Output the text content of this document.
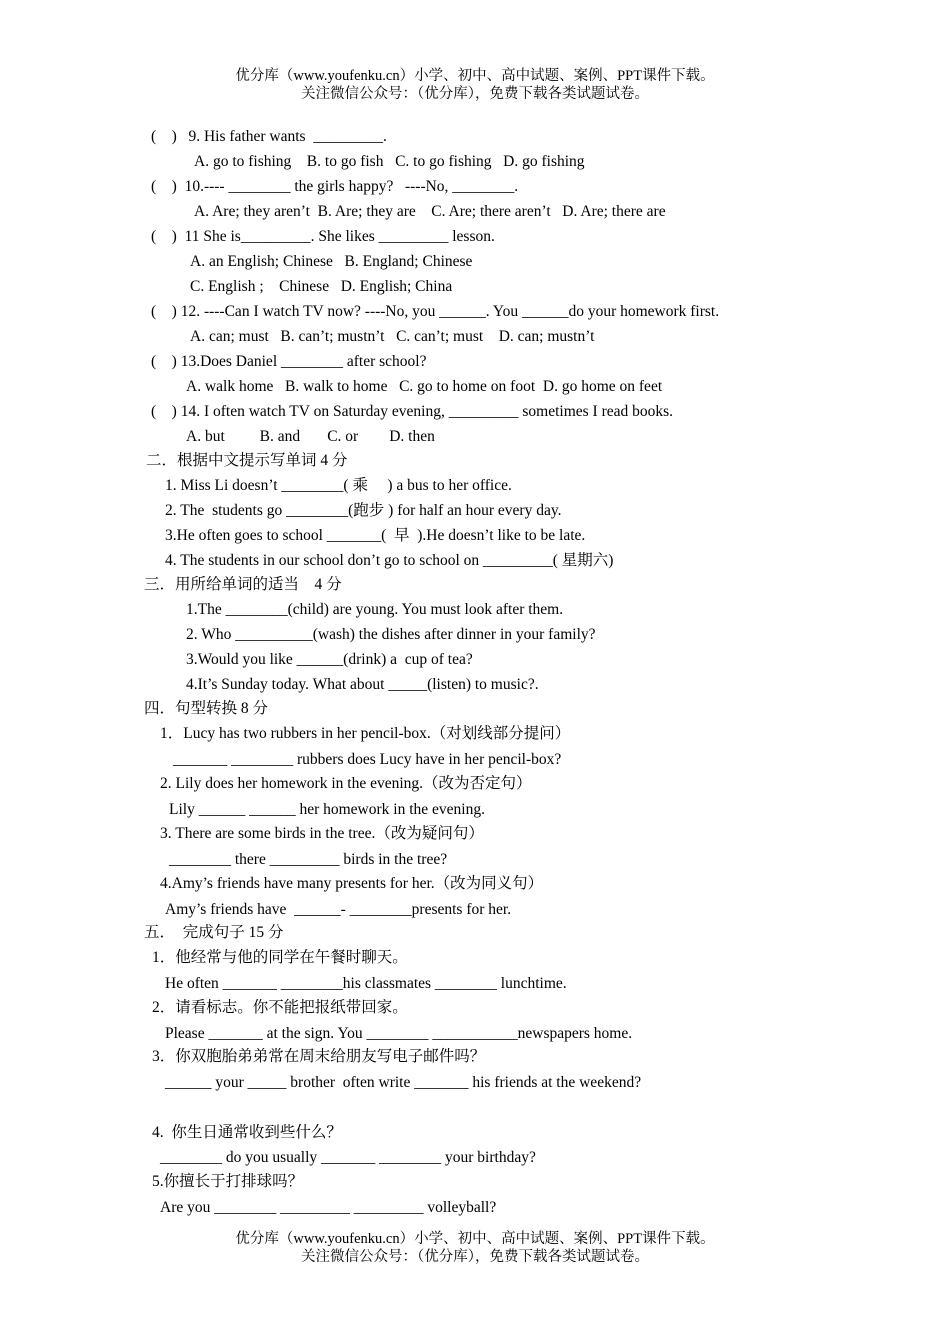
优分库（www.youfenku.cn）小学、初中、高中试题、案例、PPT课件下载。
关注微信公众号：（优分库），免费下载各类试题试卷。
(    )   9. His father wants  _________.
A. go to fishing    B. to go fish   C. to go fishing   D. go fishing
(    )  10.---- ________ the girls happy?   ----No, ________.
A. Are; they aren’t  B. Are; they are    C. Are; there aren’t   D. Are; there are
(    )  11 She is_________. She likes _________ lesson.
A. an English; Chinese   B. England; Chinese
C. English ;    Chinese   D. English; China
(    ) 12. ----Can I watch TV now? ----No, you ______. You ______do your homework first.
A. can; must   B. can’t; mustn’t   C. can’t; must    D. can; mustn’t
(    ) 13.Does Daniel ________ after school?
A. walk home   B. walk to home   C. go to home on foot  D. go home on feet
(    ) 14. I often watch TV on Saturday evening, _________ sometimes I read books.
A. but         B. and       C. or        D. then
二．根据中文提示写单词 4 分
1. Miss Li doesn’t ________( 乘     ) a bus to her office.
2. The  students go ________(跑步 ) for half an hour every day.
3.He often goes to school _______(  早  ).He doesn’t like to be late.
4. The students in our school don’t go to school on _________( 星期六)
三．用所给单词的适当    4 分
1.The ________(child) are young. You must look after them.
2. Who __________(wash) the dishes after dinner in your family?
3.Would you like ______(drink) a  cup of tea?
4.It’s Sunday today. What about _____(listen) to music?.
四．句型转换 8 分
1．Lucy has two rubbers in her pencil-box.（对划线部分提问）
_______ ________ rubbers does Lucy have in her pencil-box?
2. Lily does her homework in the evening.（改为否定句）
Lily ______ ______ her homework in the evening.
3. There are some birds in the tree.（改为疑问句）
________ there _________ birds in the tree?
4.Amy’s friends have many presents for her.（改为同义句）
Amy’s friends have  ______- ________presents for her.
五．  完成句子 15 分
1．他经常与他的同学在午餐时聊天。
He often _______ ________his classmates ________ lunchtime.
2．请看标志。你不能把报纸带回家。
Please _______ at the sign. You ________ ___________newspapers home.
3．你双胞胎弟弟常在周末给朋友写电子邮件吗？
______ your _____ brother  often write _______ his friends at the weekend?
4.  你生日通常收到些什么？
________ do you usually _______ ________ your birthday?
5.你擅长于打排球吗？
Are you ________ _________ _________ volleyball?
优分库（www.youfenku.cn）小学、初中、高中试题、案例、PPT课件下载。
关注微信公众号：（优分库），免费下载各类试题试卷。
